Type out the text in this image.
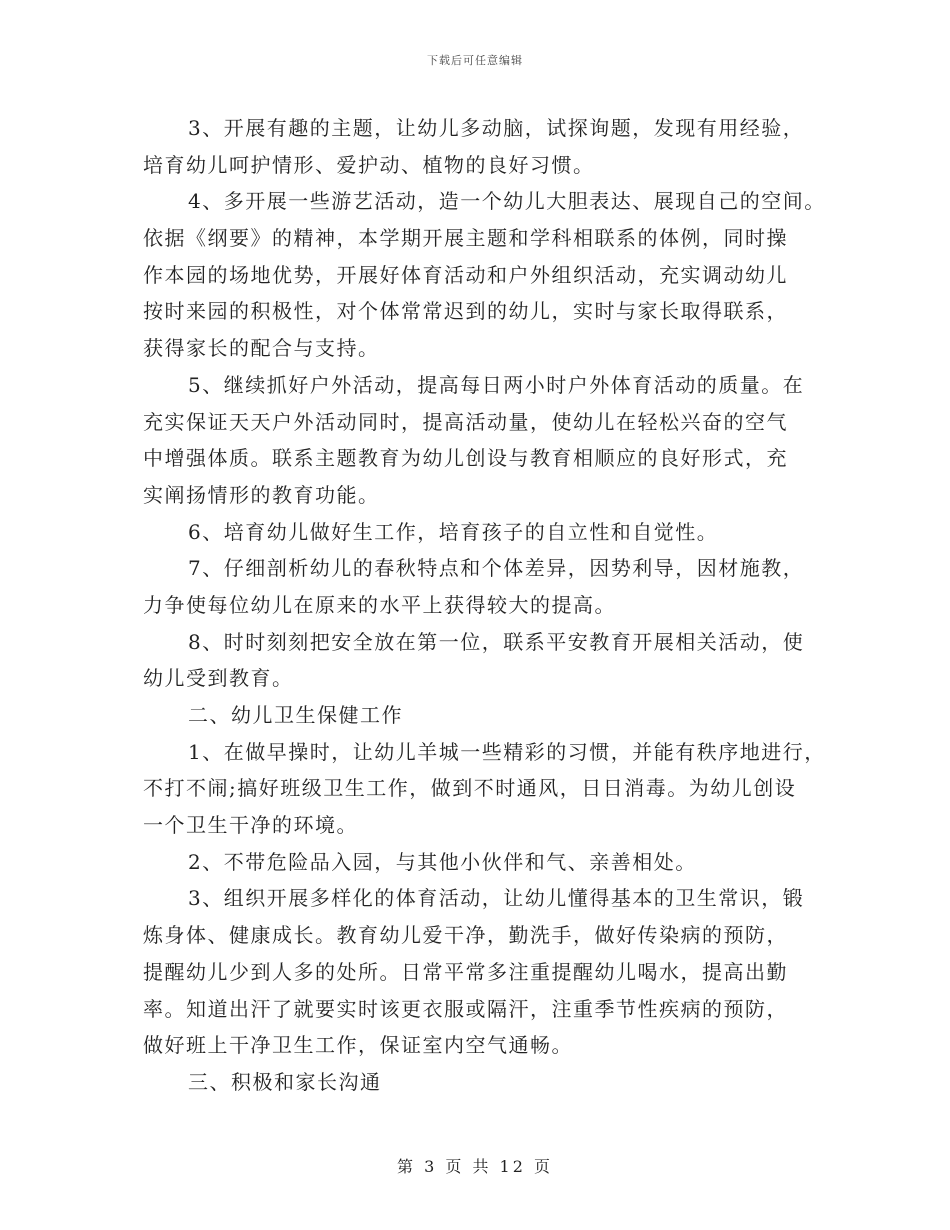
下载后可任意编辑
3、开展有趣的主题，让幼儿多动脑，试探询题，发现有用经验，
培育幼儿呵护情形、爱护动、植物的良好习惯。
4、多开展一些游艺活动，造一个幼儿大胆表达、展现自己的空间。
依据《纲要》的精神，本学期开展主题和学科相联系的体例，同时操
作本园的场地优势，开展好体育活动和户外组织活动，充实调动幼儿
按时来园的积极性，对个体常常迟到的幼儿，实时与家长取得联系，
获得家长的配合与支持。
5、继续抓好户外活动，提高每日两小时户外体育活动的质量。在
充实保证天天户外活动同时，提高活动量，使幼儿在轻松兴奋的空气
中增强体质。联系主题教育为幼儿创设与教育相顺应的良好形式，充
实阐扬情形的教育功能。
6、培育幼儿做好生工作，培育孩子的自立性和自觉性。
7、仔细剖析幼儿的春秋特点和个体差异，因势利导，因材施教，
力争使每位幼儿在原来的水平上获得较大的提高。
8、时时刻刻把安全放在第一位，联系平安教育开展相关活动，使
幼儿受到教育。
二、幼儿卫生保健工作
1、在做早操时，让幼儿羊城一些精彩的习惯，并能有秩序地进行，
不打不闹;搞好班级卫生工作，做到不时通风，日日消毒。为幼儿创设
一个卫生干净的环境。
2、不带危险品入园，与其他小伙伴和气、亲善相处。
3、组织开展多样化的体育活动，让幼儿懂得基本的卫生常识，锻
炼身体、健康成长。教育幼儿爱干净，勤洗手，做好传染病的预防，
提醒幼儿少到人多的处所。日常平常多注重提醒幼儿喝水，提高出勤
率。知道出汗了就要实时该更衣服或隔汗，注重季节性疾病的预防，
做好班上干净卫生工作，保证室内空气通畅。
三、积极和家长沟通
第 3 页 共 12 页
